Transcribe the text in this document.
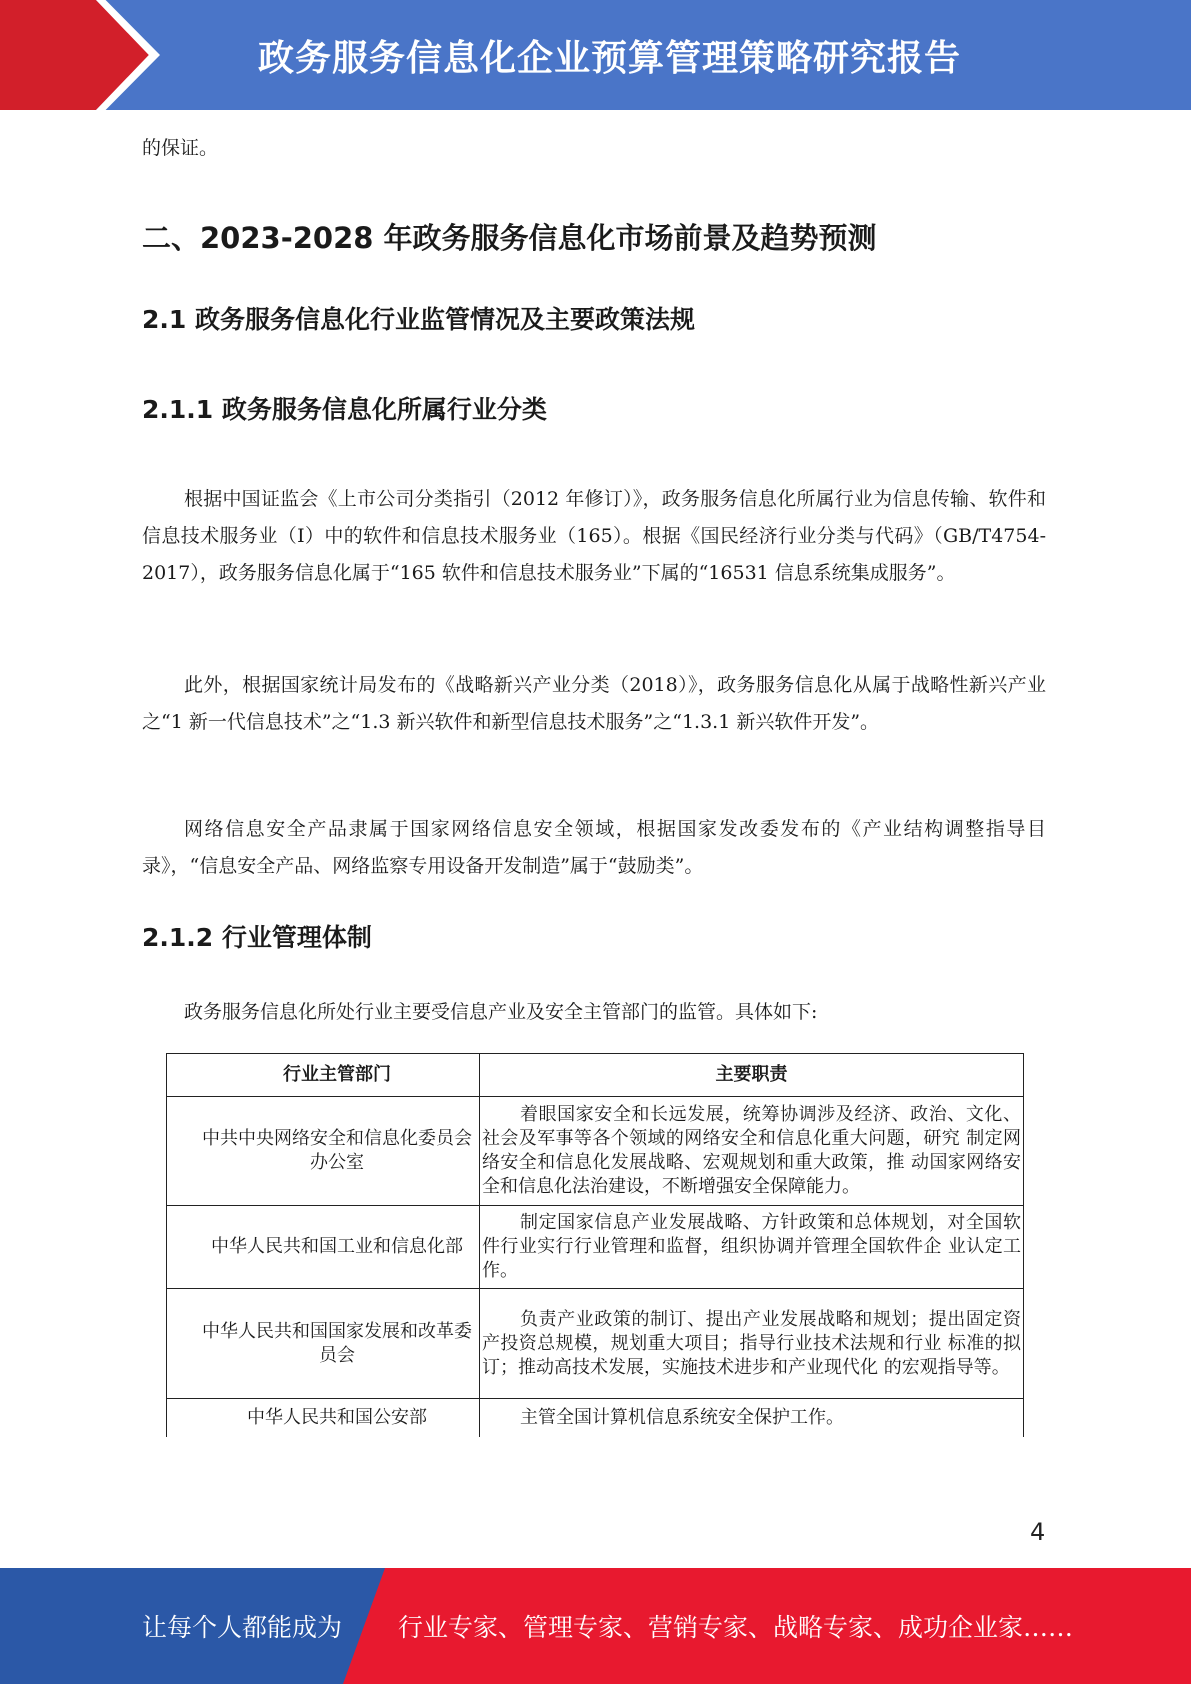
政务服务信息化企业预算管理策略研究报告

的保证。

二、2023-2028 年政务服务信息化市场前景及趋势预测
2.1 政务服务信息化行业监管情况及主要政策法规
2.1.1 政务服务信息化所属行业分类

根据中国证监会《上市公司分类指引（2012 年修订）》，政务服务信息化所属行业为信息传输、软件和信息技术服务业（I）中的软件和信息技术服务业（165）。根据《国民经济行业分类与代码》（GB/T4754-2017），政务服务信息化属于“165 软件和信息技术服务业”下属的“16531 信息系统集成服务”。

此外，根据国家统计局发布的《战略新兴产业分类（2018）》，政务服务信息化从属于战略性新兴产业之“1 新一代信息技术”之“1.3 新兴软件和新型信息技术服务”之“1.3.1 新兴软件开发”。

网络信息安全产品隶属于国家网络信息安全领域，根据国家发改委发布的《产业结构调整指导目录》，“信息安全产品、网络监察专用设备开发制造”属于“鼓励类”。

2.1.2 行业管理体制

政务服务信息化所处行业主要受信息产业及安全主管部门的监管。具体如下:

行业主管部门	主要职责
中共中央网络安全和信息化委员会办公室	着眼国家安全和长远发展，统筹协调涉及经济、政治、文化、社会及军事等各个领域的网络安全和信息化重大问题，研究 制定网络安全和信息化发展战略、宏观规划和重大政策，推 动国家网络安全和信息化法治建设，不断增强安全保障能力。

中华人民共和国工业和信息化部	制定国家信息产业发展战略、方针政策和总体规划，对全国软件行业实行行业管理和监督，组织协调并管理全国软件企 业认定工作。

中华人民共和国国家发展和改革委员会	负责产业政策的制订、提出产业发展战略和规划；提出固定资产投资总规模，规划重大项目；指导行业技术法规和行业 标准的拟订；推动高技术发展，实施技术进步和产业现代化 的宏观指导等。

中华人民共和国公安部	主管全国计算机信息系统安全保护工作。
4
让每个人都能成为 行业专家、管理专家、营销专家、战略专家、成功企业家……
